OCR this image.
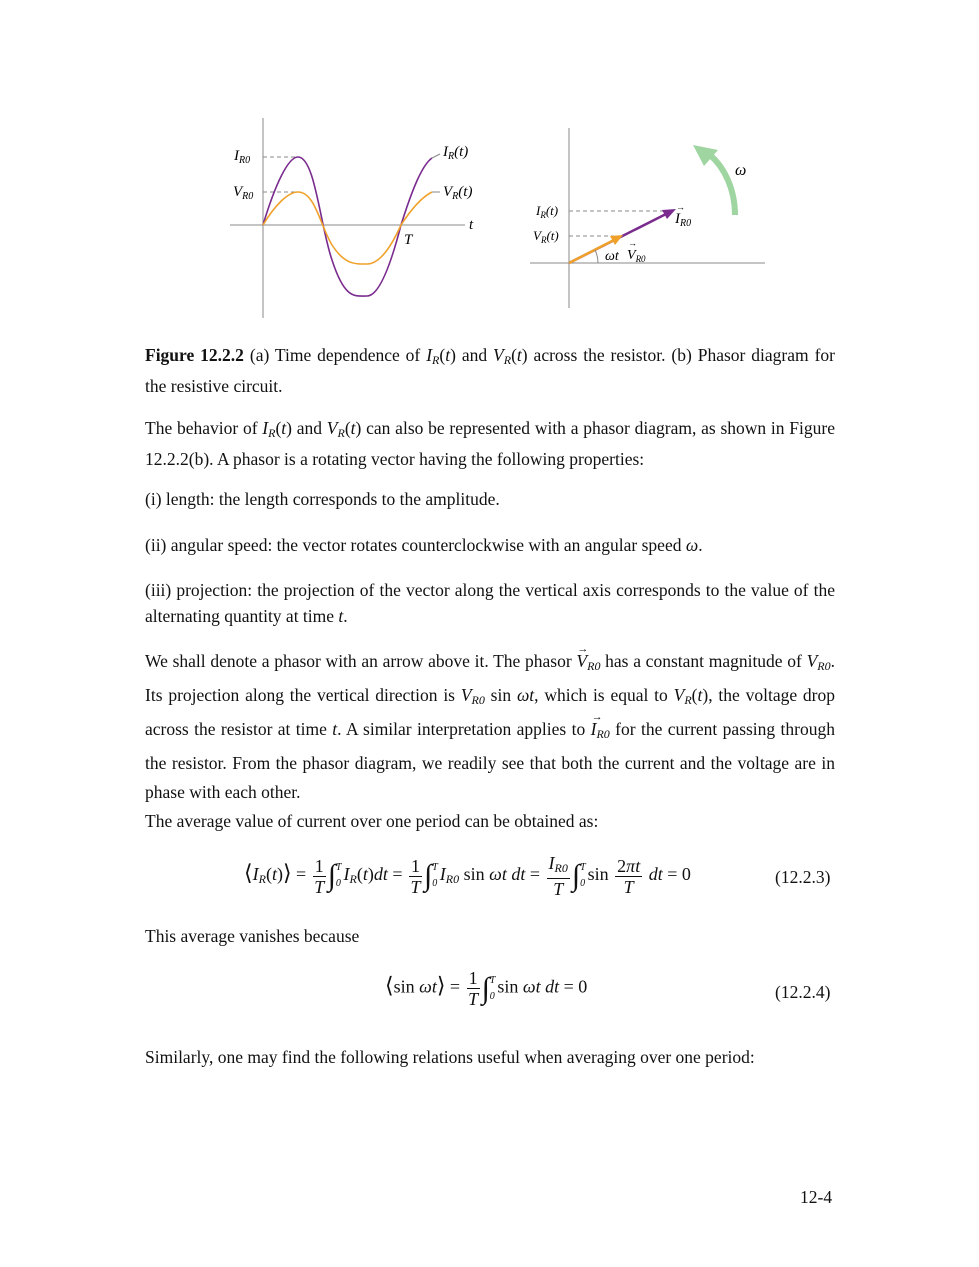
$I_{R0}$
$V_{R0}$
$I_R(t)$
$V_R(t)$
t
T
ω
$I_R(t)$
$V_R(t)$
$I_{R0}$
→
$V_{R0}$
→
ωt

Figure 12.2.2 (a) Time dependence of $I_R(t)$ and $V_R(t)$ across the resistor. (b) Phasor diagram for the resistive circuit.

The behavior of $I_R(t)$ and $V_R(t)$ can also be represented with a phasor diagram, as shown in Figure 12.2.2(b). A phasor is a rotating vector having the following properties:

(i) length: the length corresponds to the amplitude.

(ii) angular speed: the vector rotates counterclockwise with an angular speed ω.

(iii) projection: the projection of the vector along the vertical axis corresponds to the value of the alternating quantity at time t.

We shall denote a phasor with an arrow above it. The phasor → $V_{R0}$ has a constant magnitude of $V_{R0}$. Its projection along the vertical direction is $V_{R0}$ sin ωt, which is equal to $V_R(t)$, the voltage drop across the resistor at time t. A similar interpretation applies to → $I_{R0}$ for the current passing through the resistor. From the phasor diagram, we readily see that both the current and the voltage are in phase with each other.

The average value of current over one period can be obtained as:

$⟨I_R(t)⟩ = \frac{1}{T}$ ∫ T
0 $I_R(t)dt = \frac{1}{T}$ ∫ T
0 $I_{R0}$ sin ωt dt = $\frac{I_{R0}}{T}$ ∫ T
0 $\sin \frac{2\pi t}{T}$ dt = 0	(12.2.3)

This average vanishes because

⟨sin ωt⟩ = $\frac{1}{T}$ ∫ T
0 sin ωt dt = 0	(12.2.4)

Similarly, one may find the following relations useful when averaging over one period:

12-4
